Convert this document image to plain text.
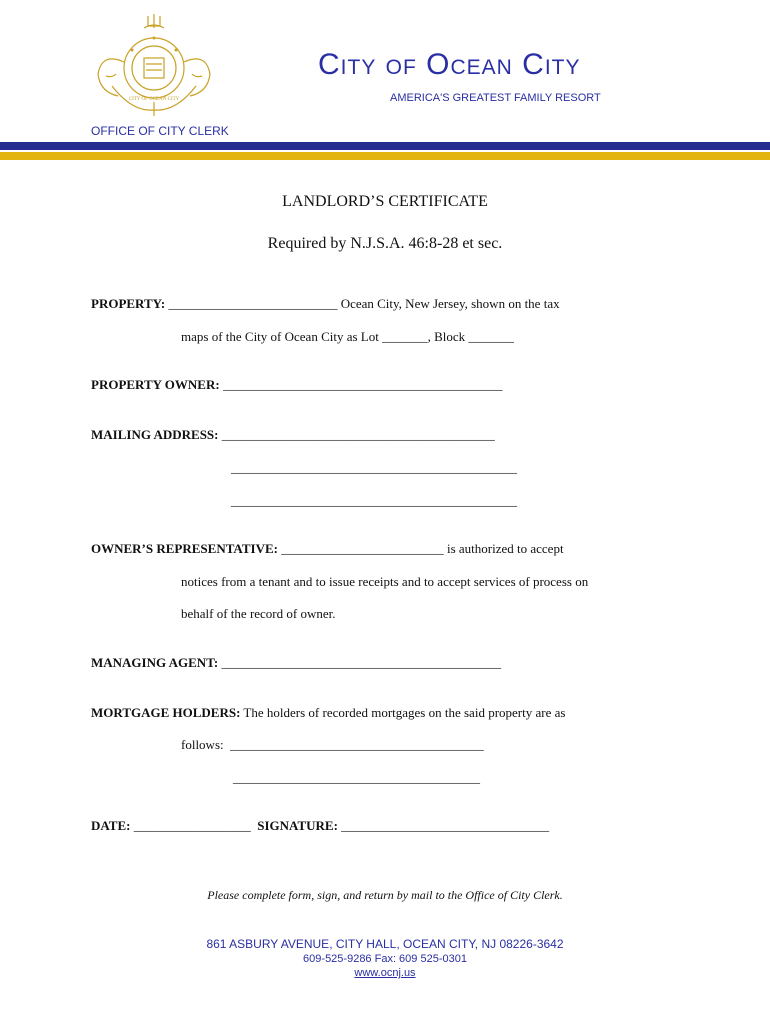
CITY OF OCEAN CITY
City of Ocean City
AMERICA'S GREATEST FAMILY RESORT
OFFICE OF CITY CLERK
LANDLORD’S CERTIFICATE
Required by N.J.S.A. 46:8-28 et sec.
PROPERTY: __________________________ Ocean City, New Jersey, shown on the tax
maps of the City of Ocean City as Lot _______, Block _______
PROPERTY OWNER: ___________________________________________
MAILING ADDRESS: __________________________________________
____________________________________________
____________________________________________
OWNER’S REPRESENTATIVE: _________________________ is authorized to accept
notices from a tenant and to issue receipts and to accept services of process on
behalf of the record of owner.
MANAGING AGENT: ___________________________________________
MORTGAGE HOLDERS: The holders of recorded mortgages on the said property are as
follows:  _______________________________________
______________________________________
DATE: __________________  SIGNATURE: ________________________________
Please complete form, sign, and return by mail to the Office of City Clerk.
861 ASBURY AVENUE, CITY HALL, OCEAN CITY, NJ 08226-3642
609-525-9286 Fax: 609 525-0301
www.ocnj.us
